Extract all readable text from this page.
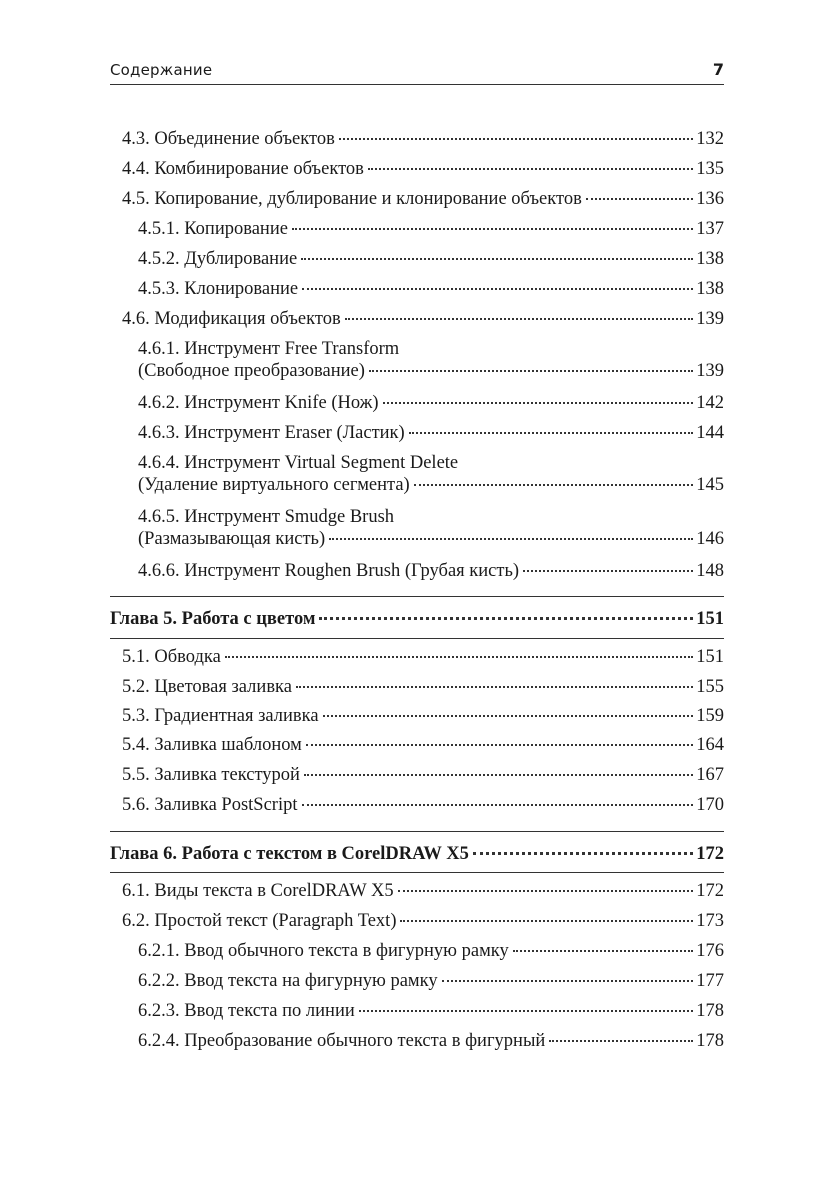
Содержание	7
4.3. Объединение объектов	132
4.4. Комбинирование объектов	135
4.5. Копирование, дублирование и клонирование объектов	136
4.5.1. Копирование	137
4.5.2. Дублирование	138
4.5.3. Клонирование	138
4.6. Модификация объектов	139
4.6.1. Инструмент Free Transform
(Свободное преобразование)	139
4.6.2. Инструмент Knife (Нож)	142
4.6.3. Инструмент Eraser (Ластик)	144
4.6.4. Инструмент Virtual Segment Delete
(Удаление виртуального сегмента)	145
4.6.5. Инструмент Smudge Brush
(Размазывающая кисть)	146
4.6.6. Инструмент Roughen Brush (Грубая кисть)	148
Глава 5. Работа с цветом	151
5.1. Обводка	151
5.2. Цветовая заливка	155
5.3. Градиентная заливка	159
5.4. Заливка шаблоном	164
5.5. Заливка текстурой	167
5.6. Заливка PostScript	170
Глава 6. Работа с текстом в CorelDRAW X5	172
6.1. Виды текста в CorelDRAW X5	172
6.2. Простой текст (Paragraph Text)	173
6.2.1. Ввод обычного текста в фигурную рамку	176
6.2.2. Ввод текста на фигурную рамку	177
6.2.3. Ввод текста по линии	178
6.2.4. Преобразование обычного текста в фигурный	178
